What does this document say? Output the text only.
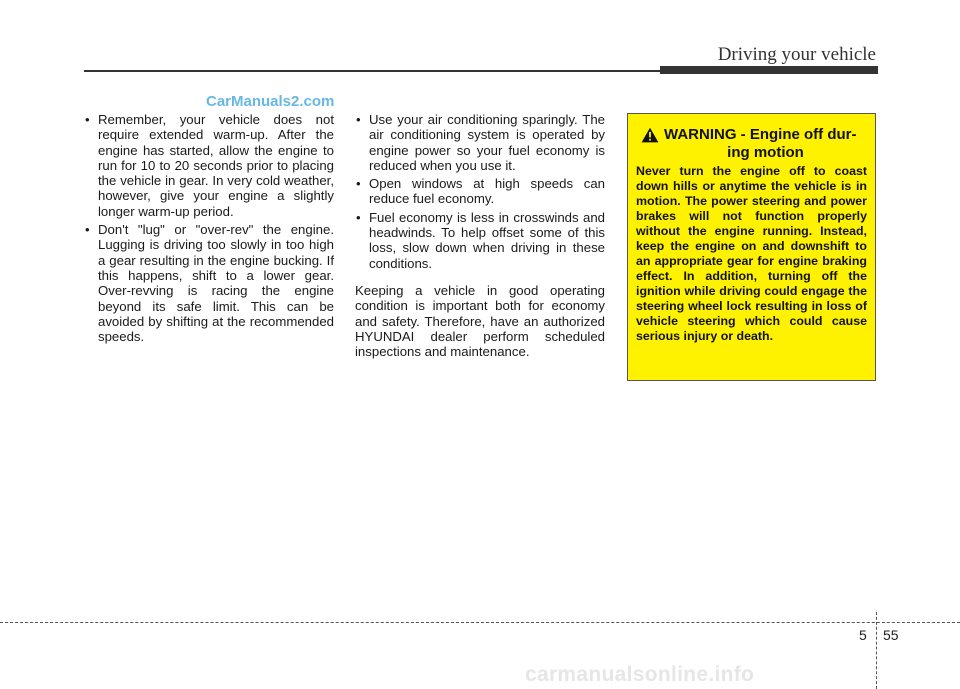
Driving your vehicle
CarManuals2.com
• Remember, your vehicle does not require extended warm-up. After the engine has started, allow the engine to run for 10 to 20 seconds prior to placing the vehicle in gear. In very cold weather, however, give your engine a slightly longer warm-up period.
• Don't "lug" or "over-rev" the engine. Lugging is driving too slowly in too high a gear resulting in the engine bucking. If this happens, shift to a lower gear. Over-revving is racing the engine beyond its safe limit. This can be avoided by shifting at the recommended speeds.
• Use your air conditioning sparingly. The air conditioning system is operated by engine power so your fuel economy is reduced when you use it.
• Open windows at high speeds can reduce fuel economy.
• Fuel economy is less in crosswinds and headwinds. To help offset some of this loss, slow down when driving in these conditions.
Keeping a vehicle in good operating condition is important both for economy and safety. Therefore, have an authorized HYUNDAI dealer perform scheduled inspections and maintenance.
WARNING - Engine off dur-
ing motion
Never turn the engine off to coast down hills or anytime the vehicle is in motion. The power steering and power brakes will not function properly without the engine running. Instead, keep the engine on and downshift to an appropriate gear for engine braking effect. In addition, turning off the ignition while driving could engage the steering wheel lock resulting in loss of vehicle steering which could cause serious injury or death.
5 55
carmanualsonline.info
